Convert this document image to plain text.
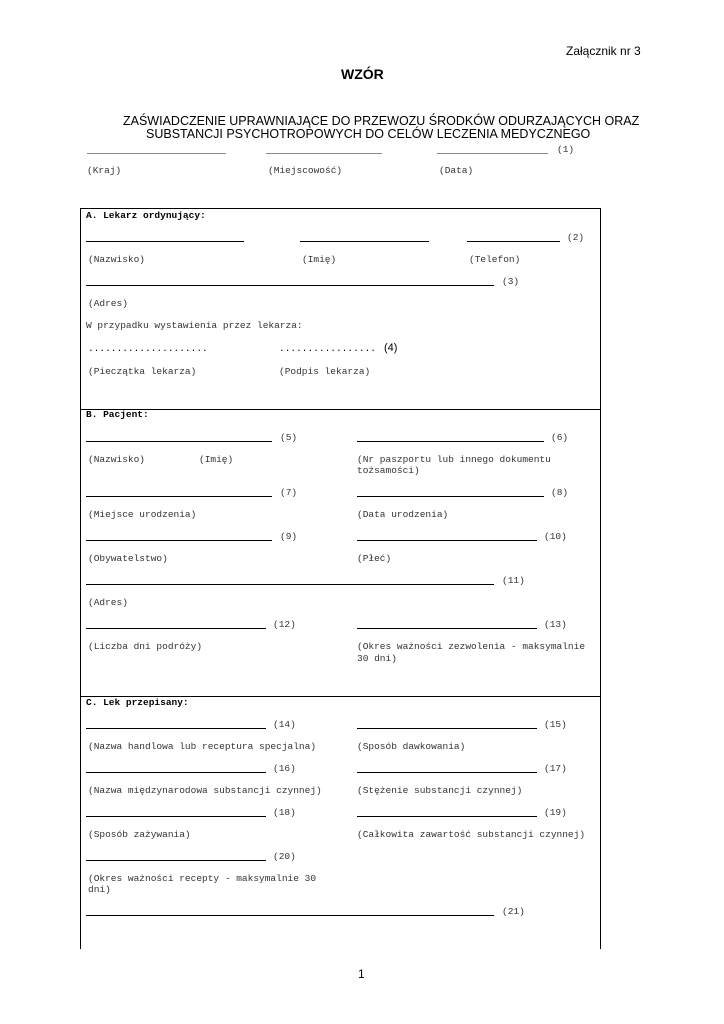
Załącznik nr 3
WZÓR
ZAŚWIADCZENIE UPRAWNIAJĄCE DO PRZEWOZU ŚRODKÓW ODURZAJĄCYCH ORAZ
SUBSTANCJI PSYCHOTROPOWYCH DO CELÓW LECZENIA MEDYCZNEGO
(1)
(Kraj)	(Miejscowość)	(Data)
A. Lekarz ordynujący:
(2)
(Nazwisko)	(Imię)	(Telefon)
(3)
(Adres)
W przypadku wystawienia przez lekarza:
.....................	................. (4)
(Pieczątka lekarza)	(Podpis lekarza)
B. Pacjent:
(5)	(6)
(Nazwisko)	(Imię)	(Nr paszportu lub innego dokumentu
tożsamości)
(7)	(8)
(Miejsce urodzenia)	(Data urodzenia)
(9)	(10)
(Obywatelstwo)	(Płeć)
(11)
(Adres)
(12)	(13)
(Liczba dni podróży)	(Okres ważności zezwolenia - maksymalnie
30 dni)
C. Lek przepisany:
(14)	(15)
(Nazwa handlowa lub receptura specjalna)	(Sposób dawkowania)
(16)	(17)
(Nazwa międzynarodowa substancji czynnej)	(Stężenie substancji czynnej)
(18)	(19)
(Sposób zażywania)	(Całkowita zawartość substancji czynnej)
(20)
(Okres ważności recepty - maksymalnie 30
dni)
(21)
1
